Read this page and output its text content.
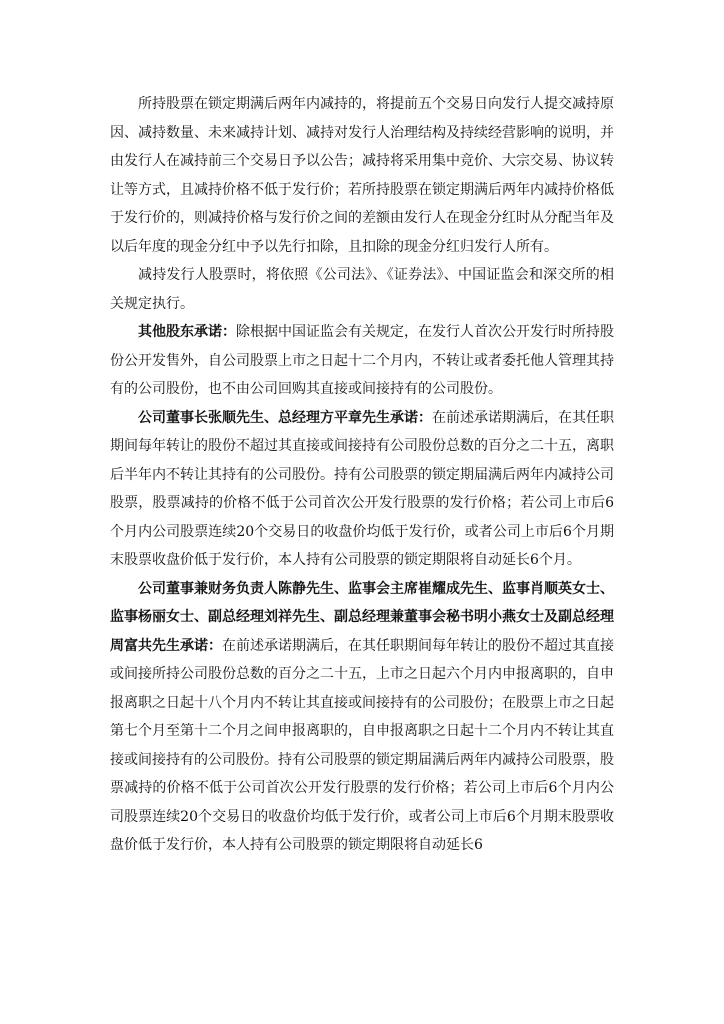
所持股票在锁定期满后两年内减持的，将提前五个交易日向发行人提交减持原因、减持数量、未来减持计划、减持对发行人治理结构及持续经营影响的说明，并由发行人在减持前三个交易日予以公告；减持将采用集中竞价、大宗交易、协议转让等方式，且减持价格不低于发行价；若所持股票在锁定期满后两年内减持价格低于发行价的，则减持价格与发行价之间的差额由发行人在现金分红时从分配当年及以后年度的现金分红中予以先行扣除，且扣除的现金分红归发行人所有。

减持发行人股票时，将依照《公司法》、《证券法》、中国证监会和深交所的相关规定执行。

其他股东承诺：除根据中国证监会有关规定，在发行人首次公开发行时所持股份公开发售外，自公司股票上市之日起十二个月内，不转让或者委托他人管理其持有的公司股份，也不由公司回购其直接或间接持有的公司股份。

公司董事长张顺先生、总经理方平章先生承诺：在前述承诺期满后，在其任职期间每年转让的股份不超过其直接或间接持有公司股份总数的百分之二十五，离职后半年内不转让其持有的公司股份。持有公司股票的锁定期届满后两年内减持公司股票，股票减持的价格不低于公司首次公开发行股票的发行价格；若公司上市后6个月内公司股票连续20个交易日的收盘价均低于发行价，或者公司上市后6个月期末股票收盘价低于发行价，本人持有公司股票的锁定期限将自动延长6个月。

公司董事兼财务负责人陈静先生、监事会主席崔耀成先生、监事肖顺英女士、监事杨丽女士、副总经理刘祥先生、副总经理兼董事会秘书明小燕女士及副总经理周富共先生承诺：在前述承诺期满后，在其任职期间每年转让的股份不超过其直接或间接所持公司股份总数的百分之二十五，上市之日起六个月内申报离职的，自申报离职之日起十八个月内不转让其直接或间接持有的公司股份；在股票上市之日起第七个月至第十二个月之间申报离职的，自申报离职之日起十二个月内不转让其直接或间接持有的公司股份。持有公司股票的锁定期届满后两年内减持公司股票，股票减持的价格不低于公司首次公开发行股票的发行价格；若公司上市后6个月内公司股票连续20个交易日的收盘价均低于发行价，或者公司上市后6个月期末股票收盘价低于发行价，本人持有公司股票的锁定期限将自动延长6
